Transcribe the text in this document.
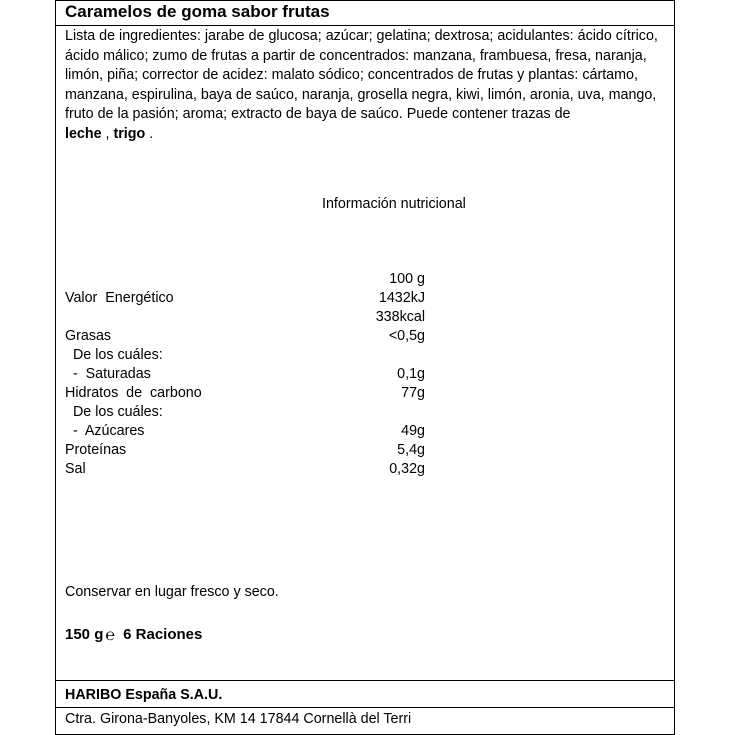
Caramelos de goma sabor frutas
Lista de ingredientes: jarabe de glucosa; azúcar; gelatina; dextrosa; acidulantes: ácido cítrico, ácido málico; zumo de frutas a partir de concentrados: manzana, frambuesa, fresa, naranja, limón, piña; corrector de acidez: malato sódico; concentrados de frutas y plantas: cártamo, manzana, espirulina, baya de saúco, naranja, grosella negra, kiwi, limón, aronia, uva, mango, fruto de la pasión; aroma; extracto de baya de saúco. Puede contener trazas de
leche , trigo .
Información nutricional
100 g
Valor  Energético	1432kJ
338kcal
Grasas	<0,5g
De los cuáles:
-  Saturadas	0,1g
Hidratos  de  carbono	77g
De los cuáles:
-  Azúcares	49g
Proteínas	5,4g
Sal	0,32g
Conservar en lugar fresco y seco.
150 g ℮ 6 Raciones
HARIBO España S.A.U.
Ctra. Girona-Banyoles, KM 14 17844 Cornellà del Terri
